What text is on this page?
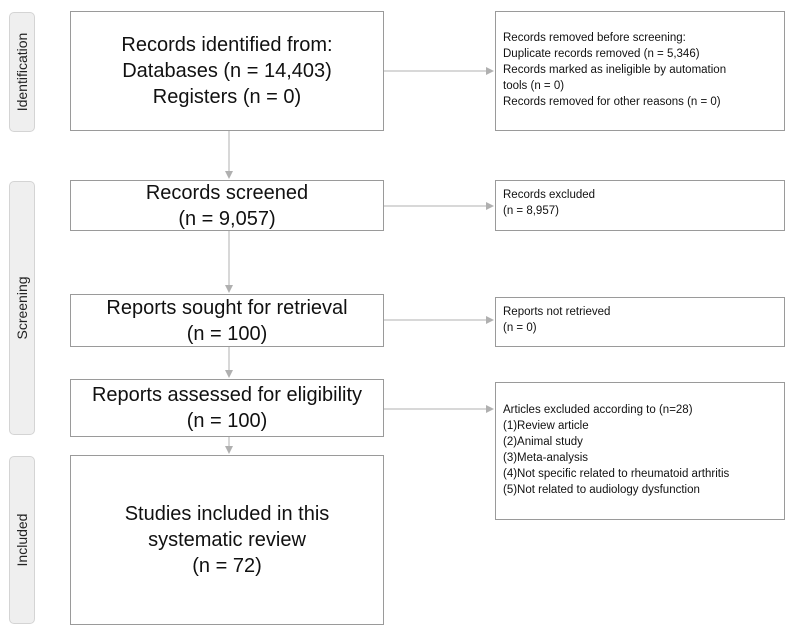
Identification
Screening
Included
Records identified from:
Databases (n = 14,403)
Registers (n = 0)
Records screened
(n = 9,057)
Reports sought for retrieval
(n = 100)
Reports assessed for eligibility
(n = 100)
Studies included in this
systematic review
(n = 72)
Records removed before screening:
Duplicate records removed (n = 5,346)
Records marked as ineligible by automation
tools (n = 0)
Records removed for other reasons (n = 0)
Records excluded
(n = 8,957)
Reports not retrieved
(n = 0)
Articles excluded according to (n=28)
(1)Review article
(2)Animal study
(3)Meta-analysis
(4)Not specific related to rheumatoid arthritis
(5)Not related to audiology dysfunction
